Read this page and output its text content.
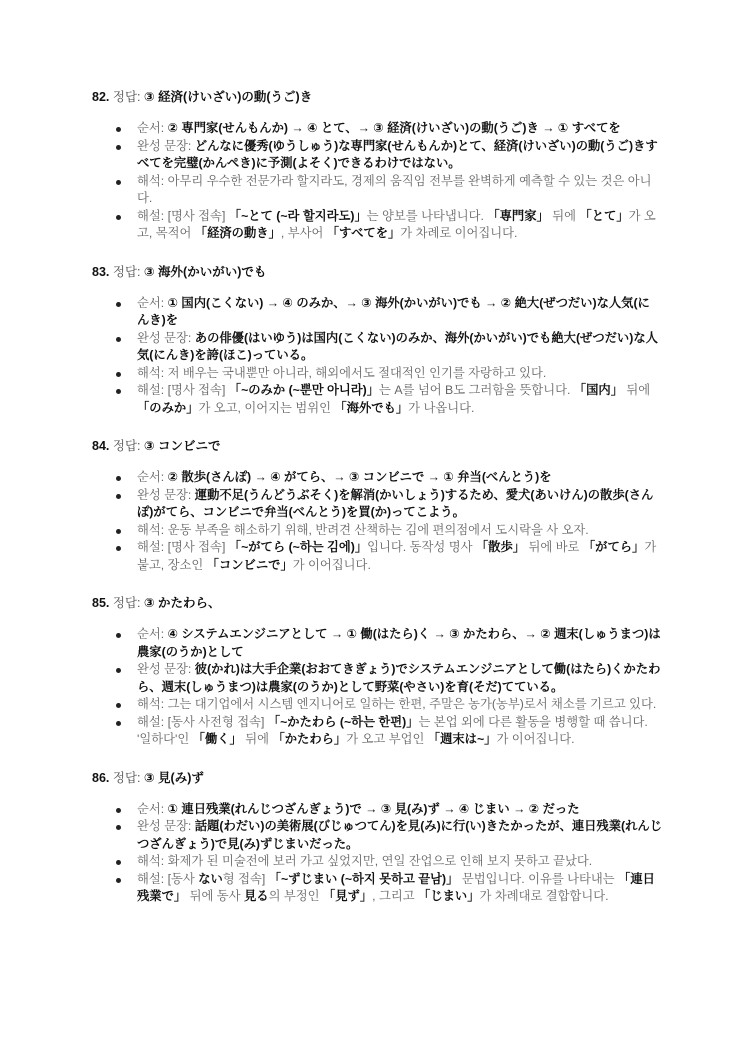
82. 정답: ③ 経済(けいざい)の動(うご)き
순서: ② 専門家(せんもんか) → ④ とて、→ ③ 経済(けいざい)の動(うご)き → ① すべてを
완성 문장: どんなに優秀(ゆうしゅう)な専門家(せんもんか)とて、経済(けいざい)の動(うご)きすべてを完璧(かんぺき)に予測(よそく)できるわけではない。
해석: 아무리 우수한 전문가라 할지라도, 경제의 움직임 전부를 완벽하게 예측할 수 있는 것은 아니다.
해설: [명사 접속] 「~とて (~라 할지라도)」는 양보를 나타냅니다. 「専門家」 뒤에 「とて」가 오고, 목적어 「経済の動き」, 부사어 「すべてを」가 차례로 이어집니다.
83. 정답: ③ 海外(かいがい)でも
순서: ① 国内(こくない) → ④ のみか、→ ③ 海外(かいがい)でも → ② 絶大(ぜつだい)な人気(にんき)を
완성 문장: あの俳優(はいゆう)は国内(こくない)のみか、海外(かいがい)でも絶大(ぜつだい)な人気(にんき)を誇(ほこ)っている。
해석: 저 배우는 국내뿐만 아니라, 해외에서도 절대적인 인기를 자랑하고 있다.
해설: [명사 접속] 「~のみか (~뿐만 아니라)」는 A를 넘어 B도 그러함을 뜻합니다. 「国内」 뒤에 「のみか」가 오고, 이어지는 범위인 「海外でも」가 나옵니다.
84. 정답: ③ コンビニで
순서: ② 散歩(さんぽ) → ④ がてら、→ ③ コンビニで → ① 弁当(べんとう)を
완성 문장: 運動不足(うんどうぶそく)を解消(かいしょう)するため、愛犬(あいけん)の散歩(さんぽ)がてら、コンビニで弁当(べんとう)を買(か)ってこよう。
해석: 운동 부족을 해소하기 위해, 반려견 산책하는 김에 편의점에서 도시락을 사 오자.
해설: [명사 접속] 「~がてら (~하는 김에)」입니다. 동작성 명사 「散歩」 뒤에 바로 「がてら」가 붙고, 장소인 「コンビニで」가 이어집니다.
85. 정답: ③ かたわら、
순서: ④ システムエンジニアとして → ① 働(はたら)く → ③ かたわら、→ ② 週末(しゅうまつ)は農家(のうか)として
완성 문장: 彼(かれ)は大手企業(おおてきぎょう)でシステムエンジニアとして働(はたら)くかたわら、週末(しゅうまつ)は農家(のうか)として野菜(やさい)を育(そだ)てている。
해석: 그는 대기업에서 시스템 엔지니어로 일하는 한편, 주말은 농가(농부)로서 채소를 기르고 있다.
해설: [동사 사전형 접속] 「~かたわら (~하는 한편)」는 본업 외에 다른 활동을 병행할 때 씁니다. '일하다'인 「働く」 뒤에 「かたわら」가 오고 부업인 「週末は~」가 이어집니다.
86. 정답: ③ 見(み)ず
순서: ① 連日残業(れんじつざんぎょう)で → ③ 見(み)ず → ④ じまい → ② だった
완성 문장: 話題(わだい)の美術展(びじゅつてん)を見(み)に行(い)きたかったが、連日残業(れんじつざんぎょう)で見(み)ずじまいだった。
해석: 화제가 된 미술전에 보러 가고 싶었지만, 연일 잔업으로 인해 보지 못하고 끝났다.
해설: [동사 ない형 접속] 「~ずじまい (~하지 못하고 끝남)」 문법입니다. 이유를 나타내는 「連日残業で」 뒤에 동사 見る의 부정인 「見ず」, 그리고 「じまい」가 차례대로 결합합니다.
